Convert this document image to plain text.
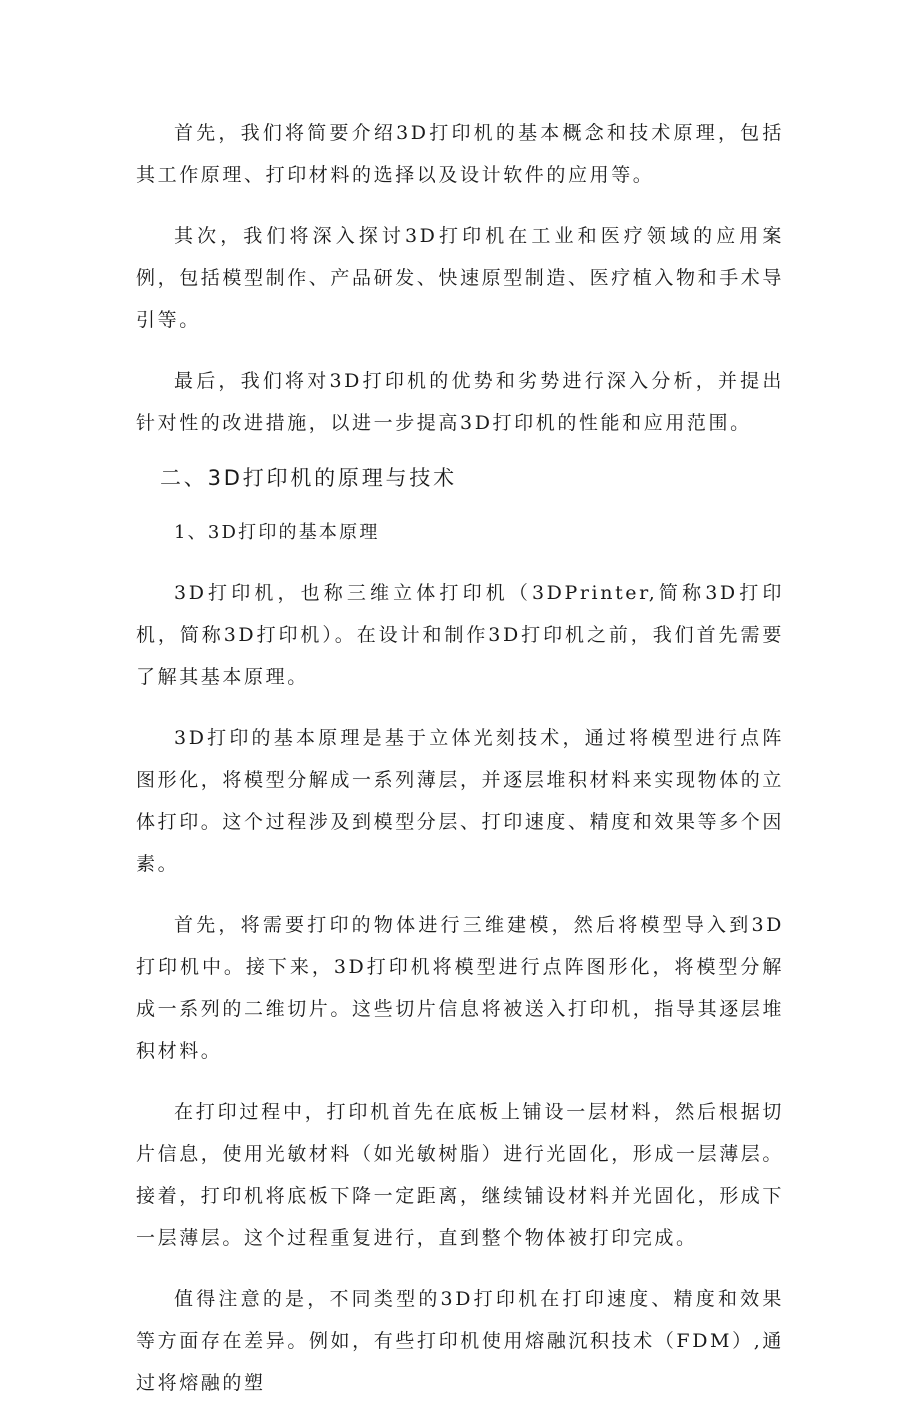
首先，我们将简要介绍3D打印机的基本概念和技术原理，包括其工作原理、打印材料的选择以及设计软件的应用等。

其次，我们将深入探讨3D打印机在工业和医疗领域的应用案例，包括模型制作、产品研发、快速原型制造、医疗植入物和手术导引等。

最后，我们将对3D打印机的优势和劣势进行深入分析，并提出针对性的改进措施，以进一步提高3D打印机的性能和应用范围。

二、3D打印机的原理与技术
1、3D打印的基本原理

3D打印机，也称三维立体打印机（3DPrinter,简称3D打印机，简称3D打印机）。在设计和制作3D打印机之前，我们首先需要了解其基本原理。

3D打印的基本原理是基于立体光刻技术，通过将模型进行点阵图形化，将模型分解成一系列薄层，并逐层堆积材料来实现物体的立体打印。这个过程涉及到模型分层、打印速度、精度和效果等多个因素。

首先，将需要打印的物体进行三维建模，然后将模型导入到3D打印机中。接下来，3D打印机将模型进行点阵图形化，将模型分解成一系列的二维切片。这些切片信息将被送入打印机，指导其逐层堆积材料。

在打印过程中，打印机首先在底板上铺设一层材料，然后根据切片信息，使用光敏材料（如光敏树脂）进行光固化，形成一层薄层。接着，打印机将底板下降一定距离，继续铺设材料并光固化，形成下一层薄层。这个过程重复进行，直到整个物体被打印完成。

值得注意的是，不同类型的3D打印机在打印速度、精度和效果等方面存在差异。例如，有些打印机使用熔融沉积技术（FDM）,通过将熔融的塑
